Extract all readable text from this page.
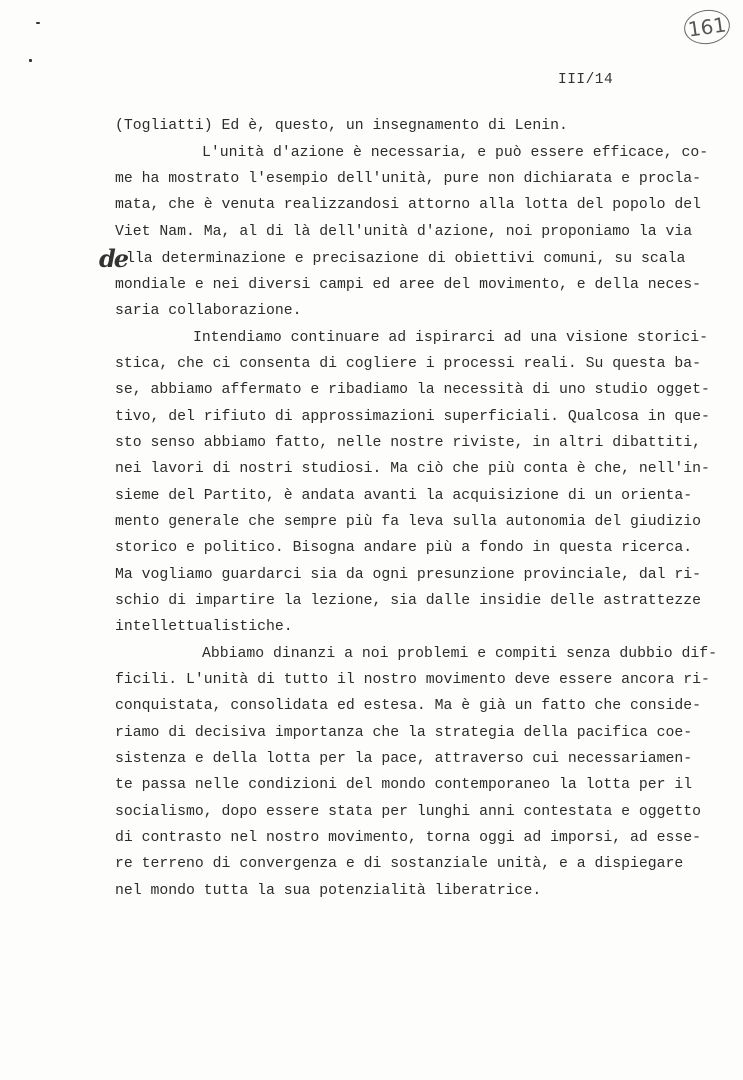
161
III/14
de
(Togliatti) Ed è, questo, un insegnamento di Lenin.
L'unità d'azione è necessaria, e può essere efficace, co-
me ha mostrato l'esempio dell'unità, pure non dichiarata e procla-
mata, che è venuta realizzandosi attorno alla lotta del popolo del
Viet Nam. Ma, al di là dell'unità d'azione, noi proponiamo la via
lla determinazione e precisazione di obiettivi comuni, su scala
mondiale e nei diversi campi ed aree del movimento, e della neces-
saria collaborazione.
Intendiamo continuare ad ispirarci ad una visione storici-
stica, che ci consenta di cogliere i processi reali. Su questa ba-
se, abbiamo affermato e ribadiamo la necessità di uno studio ogget-
tivo, del rifiuto di approssimazioni superficiali. Qualcosa in que-
sto senso abbiamo fatto, nelle nostre riviste, in altri dibattiti,
nei lavori di nostri studiosi. Ma ciò che più conta è che, nell'in-
sieme del Partito, è andata avanti la acquisizione di un orienta-
mento generale che sempre più fa leva sulla autonomia del giudizio
storico e politico. Bisogna andare più a fondo in questa ricerca.
Ma vogliamo guardarci sia da ogni presunzione provinciale, dal ri-
schio di impartire la lezione, sia dalle insidie delle astrattezze
intellettualistiche.
Abbiamo dinanzi a noi problemi e compiti senza dubbio dif-
ficili. L'unità di tutto il nostro movimento deve essere ancora ri-
conquistata, consolidata ed estesa. Ma è già un fatto che conside-
riamo di decisiva importanza che la strategia della pacifica coe-
sistenza e della lotta per la pace, attraverso cui necessariamen-
te passa nelle condizioni del mondo contemporaneo la lotta per il
socialismo, dopo essere stata per lunghi anni contestata e oggetto
di contrasto nel nostro movimento, torna oggi ad imporsi, ad esse-
re terreno di convergenza e di sostanziale unità, e a dispiegare
nel mondo tutta la sua potenzialità liberatrice.
